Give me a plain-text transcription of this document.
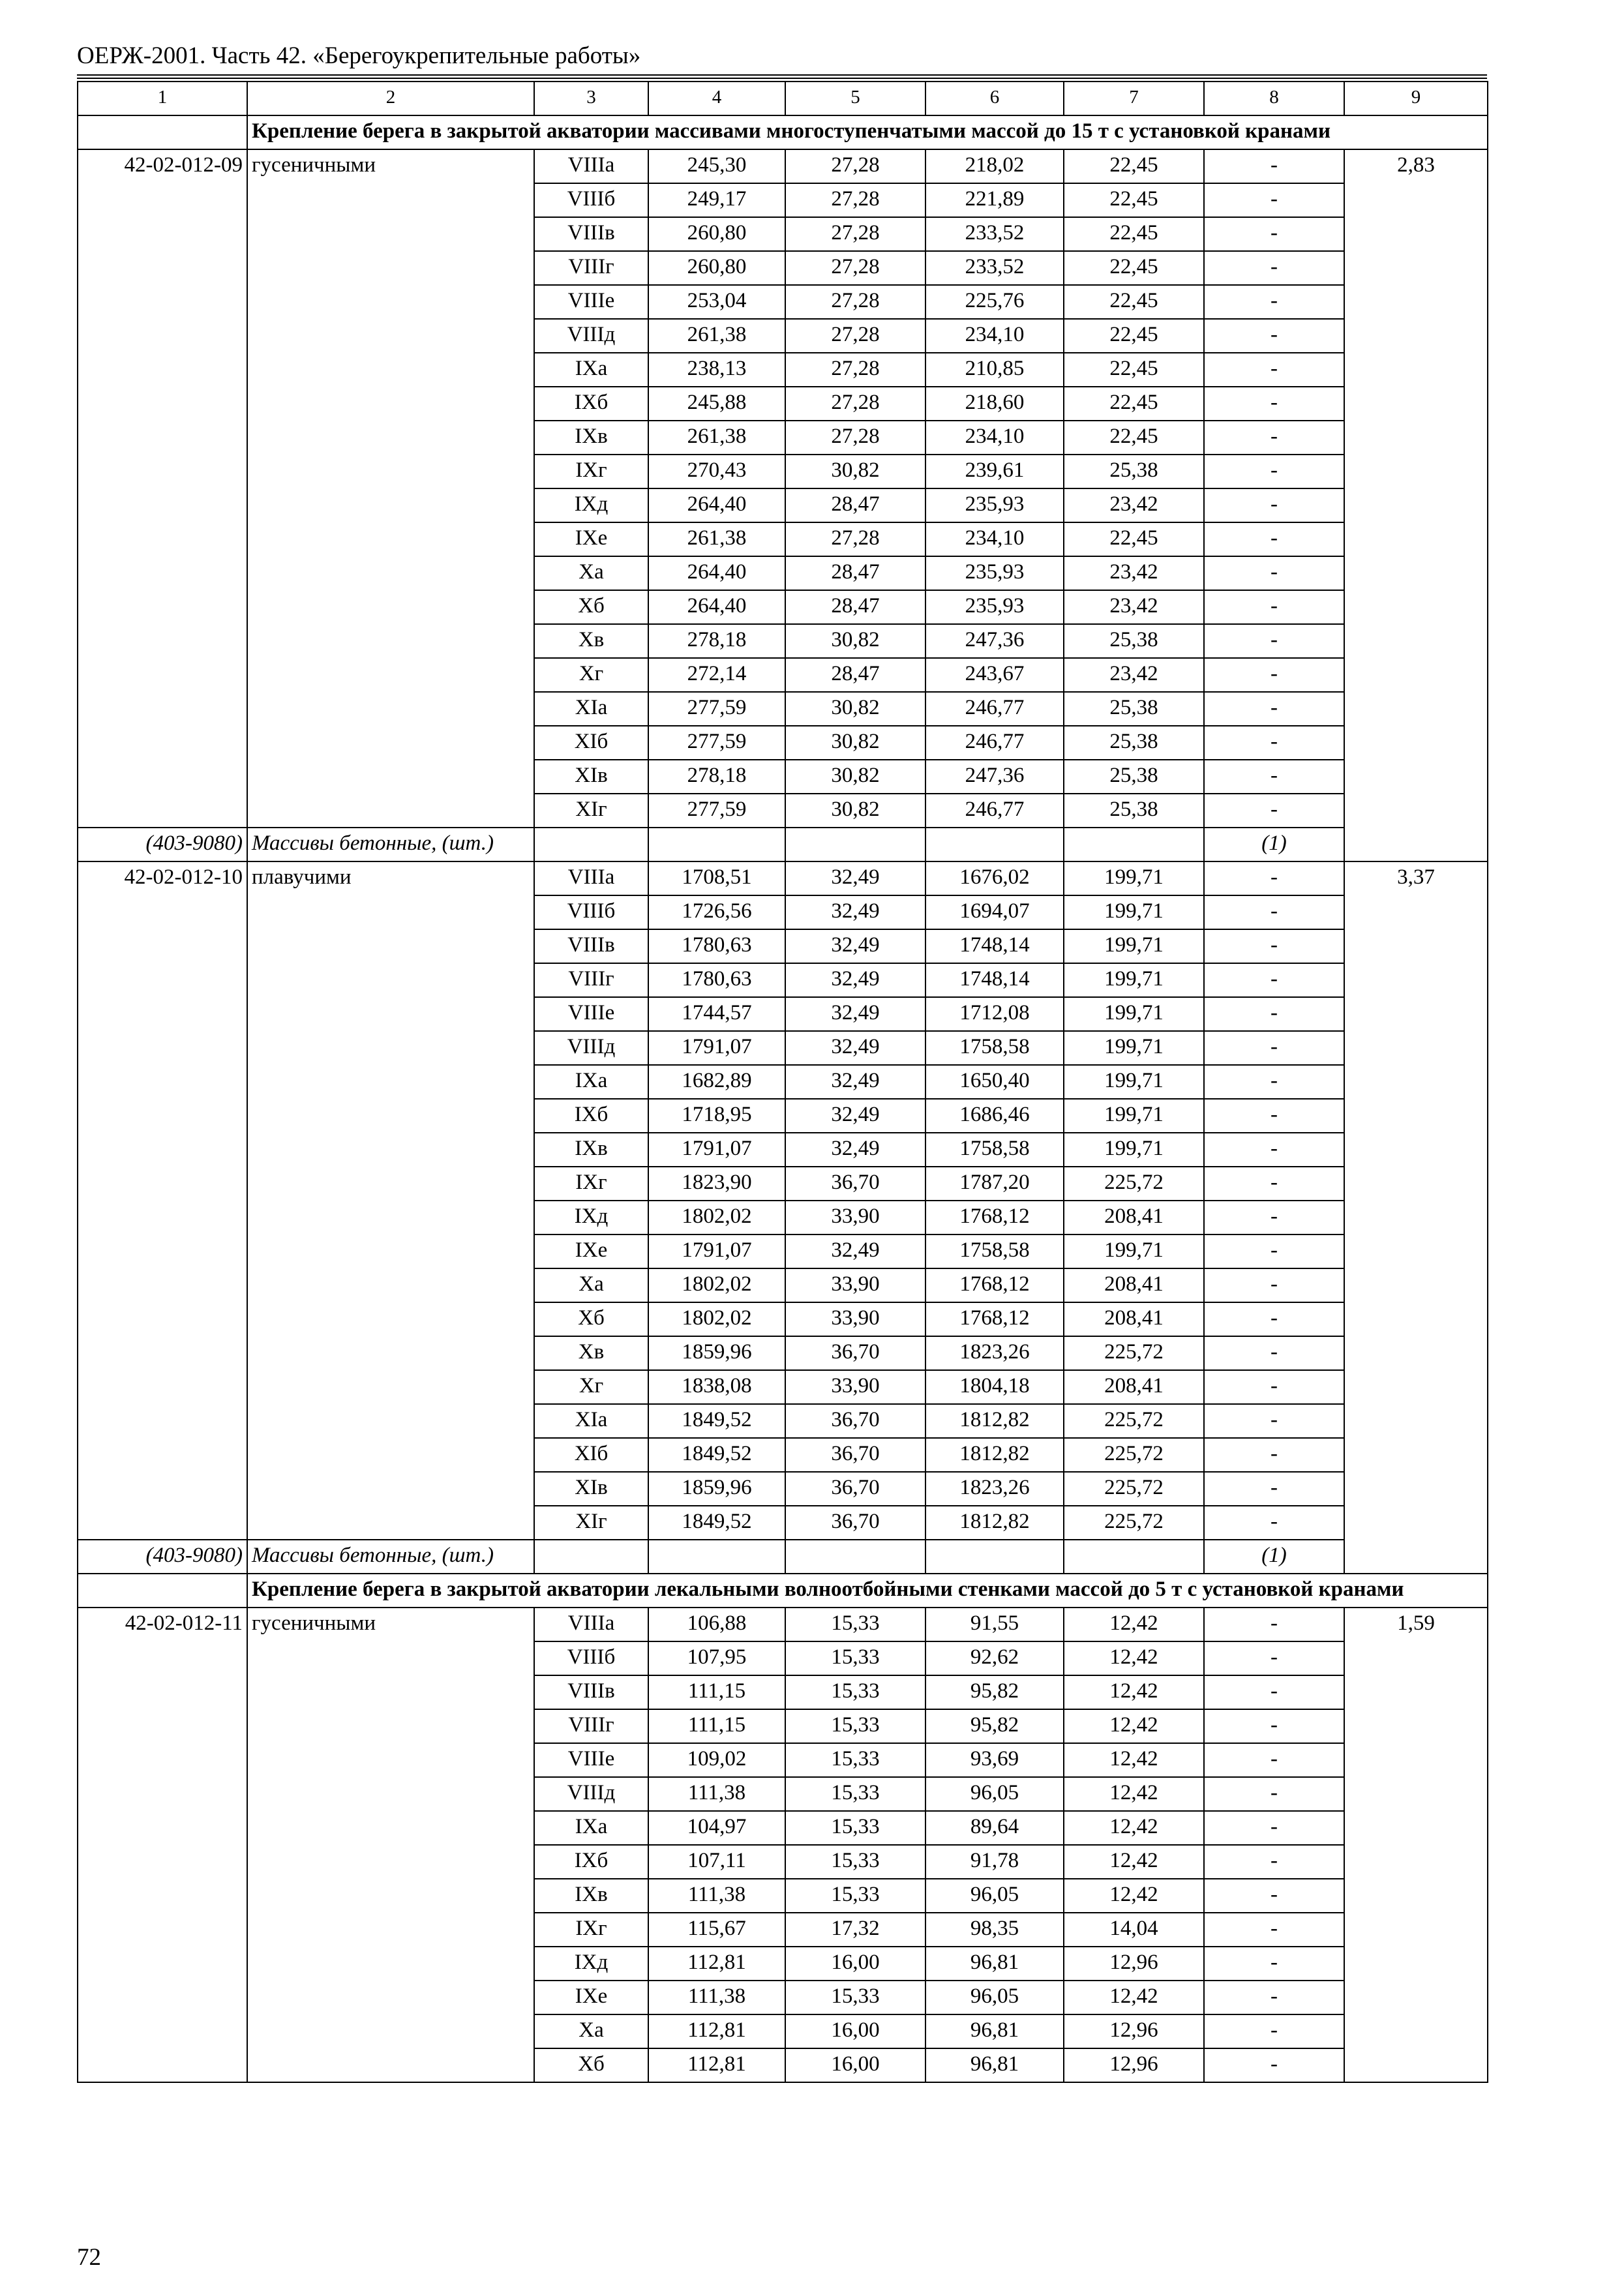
ОЕРЖ-2001. Часть 42. «Берегоукрепительные работы»
1	2	3	4	5	6	7	8	9
	Крепление берега в закрытой акватории массивами многоступенчатыми массой до 15 т с установкой кранами							
42-02-012-09	гусеничными	VIIIа	245,30	27,28	218,02	22,45	-	2,83
		VIIIб	249,17	27,28	221,89	22,45	-	
		VIIIв	260,80	27,28	233,52	22,45	-	
		VIIIг	260,80	27,28	233,52	22,45	-	
		VIIIе	253,04	27,28	225,76	22,45	-	
		VIIIд	261,38	27,28	234,10	22,45	-	
		IXа	238,13	27,28	210,85	22,45	-	
		IXб	245,88	27,28	218,60	22,45	-	
		IXв	261,38	27,28	234,10	22,45	-	
		IXг	270,43	30,82	239,61	25,38	-	
		IXд	264,40	28,47	235,93	23,42	-	
		IXе	261,38	27,28	234,10	22,45	-	
		Xа	264,40	28,47	235,93	23,42	-	
		Xб	264,40	28,47	235,93	23,42	-	
		Xв	278,18	30,82	247,36	25,38	-	
		Xг	272,14	28,47	243,67	23,42	-	
		XIа	277,59	30,82	246,77	25,38	-	
		XIб	277,59	30,82	246,77	25,38	-	
		XIв	278,18	30,82	247,36	25,38	-	
		XIг	277,59	30,82	246,77	25,38	-	
(403-9080)	Массивы бетонные, (шт.)						(1)	
42-02-012-10	плавучими	VIIIа	1708,51	32,49	1676,02	199,71	-	3,37
		VIIIб	1726,56	32,49	1694,07	199,71	-	
		VIIIв	1780,63	32,49	1748,14	199,71	-	
		VIIIг	1780,63	32,49	1748,14	199,71	-	
		VIIIе	1744,57	32,49	1712,08	199,71	-	
		VIIIд	1791,07	32,49	1758,58	199,71	-	
		IXа	1682,89	32,49	1650,40	199,71	-	
		IXб	1718,95	32,49	1686,46	199,71	-	
		IXв	1791,07	32,49	1758,58	199,71	-	
		IXг	1823,90	36,70	1787,20	225,72	-	
		IXд	1802,02	33,90	1768,12	208,41	-	
		IXе	1791,07	32,49	1758,58	199,71	-	
		Xа	1802,02	33,90	1768,12	208,41	-	
		Xб	1802,02	33,90	1768,12	208,41	-	
		Xв	1859,96	36,70	1823,26	225,72	-	
		Xг	1838,08	33,90	1804,18	208,41	-	
		XIа	1849,52	36,70	1812,82	225,72	-	
		XIб	1849,52	36,70	1812,82	225,72	-	
		XIв	1859,96	36,70	1823,26	225,72	-	
		XIг	1849,52	36,70	1812,82	225,72	-	
(403-9080)	Массивы бетонные, (шт.)						(1)	
	Крепление берега в закрытой акватории лекальными волноотбойными стенками массой до 5 т с установкой кранами							
42-02-012-11	гусеничными	VIIIа	106,88	15,33	91,55	12,42	-	1,59
		VIIIб	107,95	15,33	92,62	12,42	-	
		VIIIв	111,15	15,33	95,82	12,42	-	
		VIIIг	111,15	15,33	95,82	12,42	-	
		VIIIе	109,02	15,33	93,69	12,42	-	
		VIIIд	111,38	15,33	96,05	12,42	-	
		IXа	104,97	15,33	89,64	12,42	-	
		IXб	107,11	15,33	91,78	12,42	-	
		IXв	111,38	15,33	96,05	12,42	-	
		IXг	115,67	17,32	98,35	14,04	-	
		IXд	112,81	16,00	96,81	12,96	-	
		IXе	111,38	15,33	96,05	12,42	-	
		Xа	112,81	16,00	96,81	12,96	-	
		Xб	112,81	16,00	96,81	12,96	-	
72
